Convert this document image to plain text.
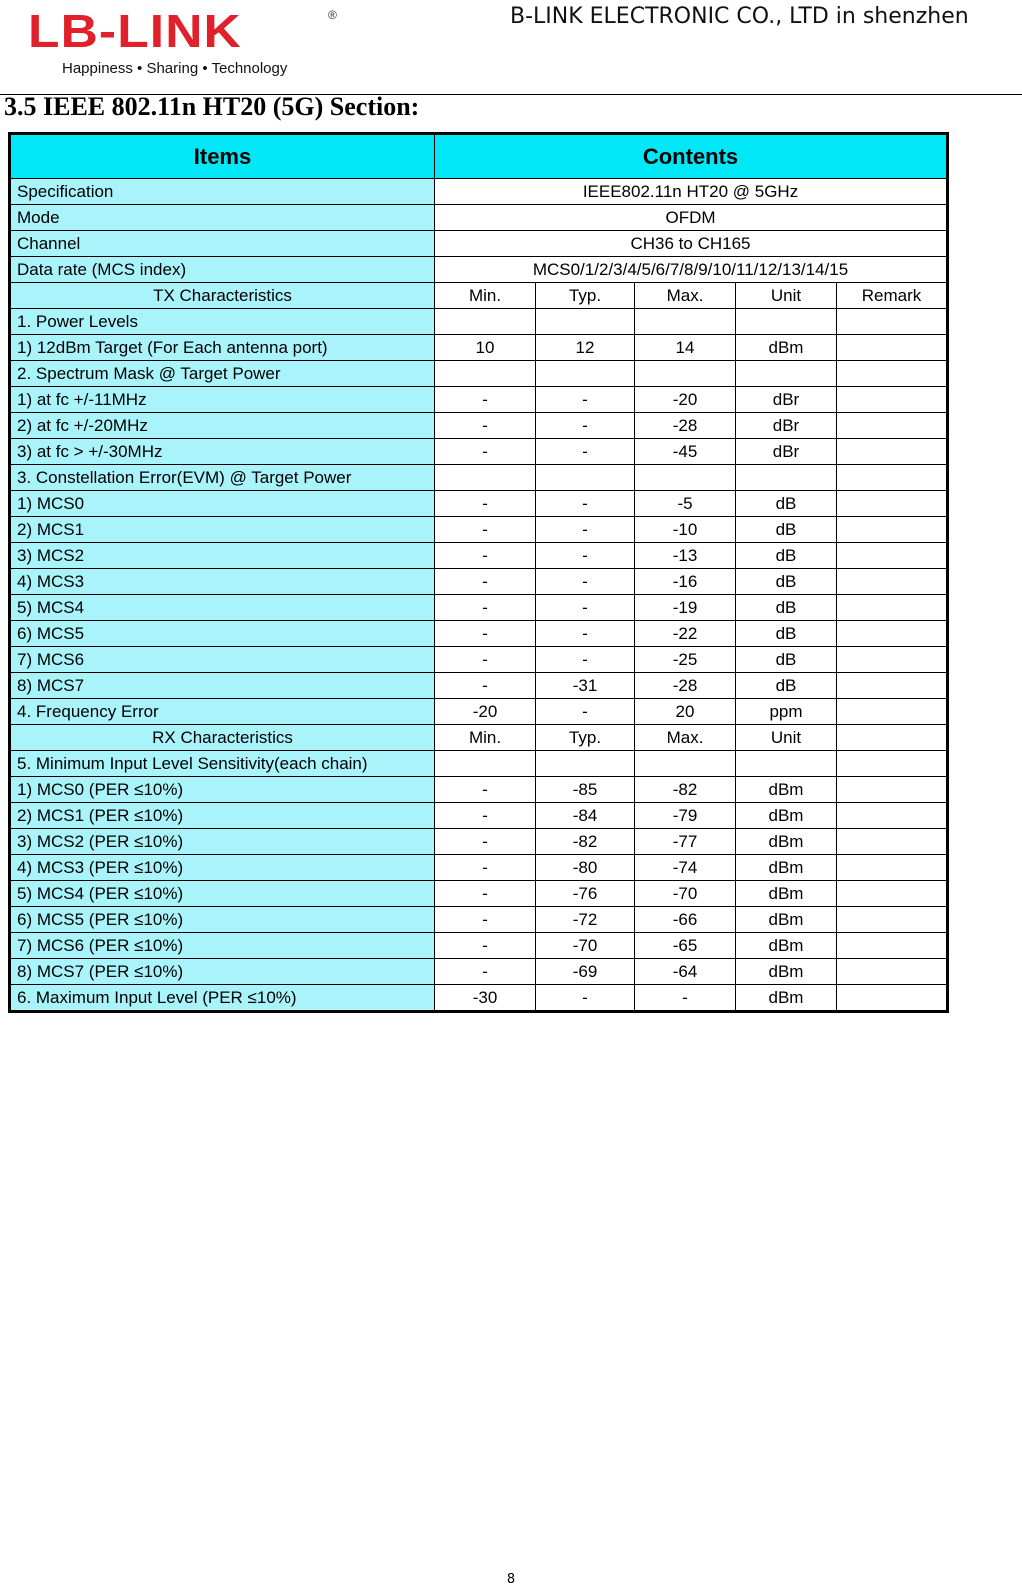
LB-LINK	®
Happiness • Sharing • Technology
B-LINK ELECTRONIC CO., LTD in shenzhen
3.5 IEEE 802.11n HT20 (5G) Section:
Items	Contents				
Specification	IEEE802.11n HT20 @ 5GHz				
Mode	OFDM				
Channel	CH36 to CH165				
Data rate (MCS index)	MCS0/1/2/3/4/5/6/7/8/9/10/11/12/13/14/15				
TX Characteristics	Min.	Typ.	Max.	Unit	Remark
1. Power Levels					
1) 12dBm Target (For Each antenna port)	10	12	14	dBm	
2. Spectrum Mask @ Target Power					
1) at fc +/-11MHz	-	-	-20	dBr	
2) at fc +/-20MHz	-	-	-28	dBr	
3) at fc > +/-30MHz	-	-	-45	dBr	
3. Constellation Error(EVM) @ Target Power					
1) MCS0	-	-	-5	dB	
2) MCS1	-	-	-10	dB	
3) MCS2	-	-	-13	dB	
4) MCS3	-	-	-16	dB	
5) MCS4	-	-	-19	dB	
6) MCS5	-	-	-22	dB	
7) MCS6	-	-	-25	dB	
8) MCS7	-	-31	-28	dB	
4. Frequency Error	-20	-	20	ppm	
RX Characteristics	Min.	Typ.	Max.	Unit	
5. Minimum Input Level Sensitivity(each chain)					
1) MCS0 (PER ≤10%)	-	-85	-82	dBm	
2) MCS1 (PER ≤10%)	-	-84	-79	dBm	
3) MCS2 (PER ≤10%)	-	-82	-77	dBm	
4) MCS3 (PER ≤10%)	-	-80	-74	dBm	
5) MCS4 (PER ≤10%)	-	-76	-70	dBm	
6) MCS5 (PER ≤10%)	-	-72	-66	dBm	
7) MCS6 (PER ≤10%)	-	-70	-65	dBm	
8) MCS7 (PER ≤10%)	-	-69	-64	dBm	
6. Maximum Input Level (PER ≤10%)	-30	-	-	dBm	
8
